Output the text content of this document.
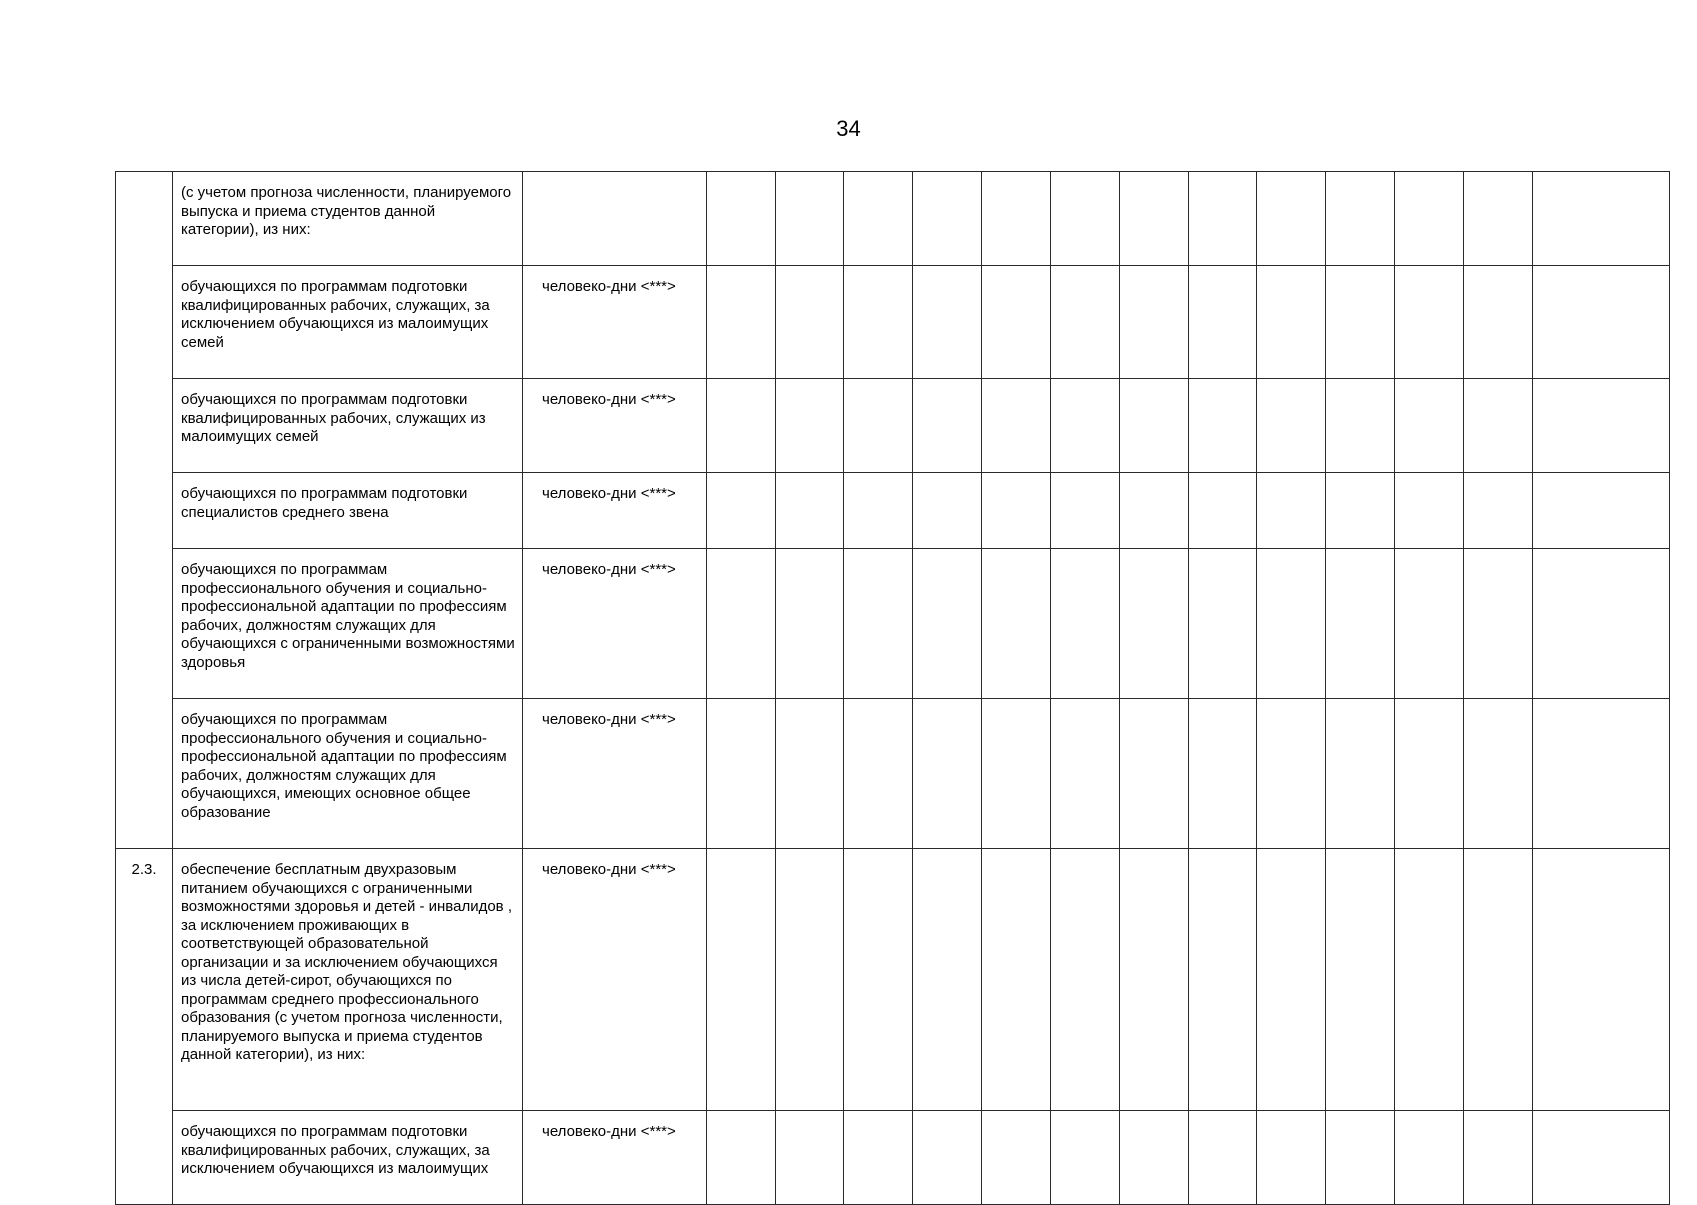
34

	(с учетом прогноза численности, планируемого выпуска и приема студентов данной категории), из них:														

	обучающихся по программам подготовки квалифицированных рабочих, служащих, за исключением обучающихся из малоимущих семей	человеко-дни <***>													

	обучающихся по программам подготовки квалифицированных рабочих, служащих из малоимущих семей	человеко-дни <***>													

	обучающихся по программам подготовки специалистов среднего звена	человеко-дни <***>													

	обучающихся по программам профессионального обучения и социально-профессиональной адаптации по профессиям рабочих, должностям служащих для обучающихся с ограниченными возможностями здоровья	человеко-дни <***>													

	обучающихся по программам профессионального обучения и социально-профессиональной адаптации по профессиям рабочих, должностям служащих для обучающихся, имеющих основное общее образование	человеко-дни <***>													

2.3.	обеспечение бесплатным двухразовым питанием обучающихся с ограниченными возможностями здоровья и детей - инвалидов , за исключением проживающих в соответствующей образовательной организации и за исключением обучающихся из числа детей-сирот, обучающихся по программам среднего профессионального образования (с учетом прогноза численности, планируемого выпуска и приема студентов данной категории), из них:	человеко-дни <***>													

	обучающихся по программам подготовки квалифицированных рабочих, служащих, за исключением обучающихся из малоимущих	человеко-дни <***>													
